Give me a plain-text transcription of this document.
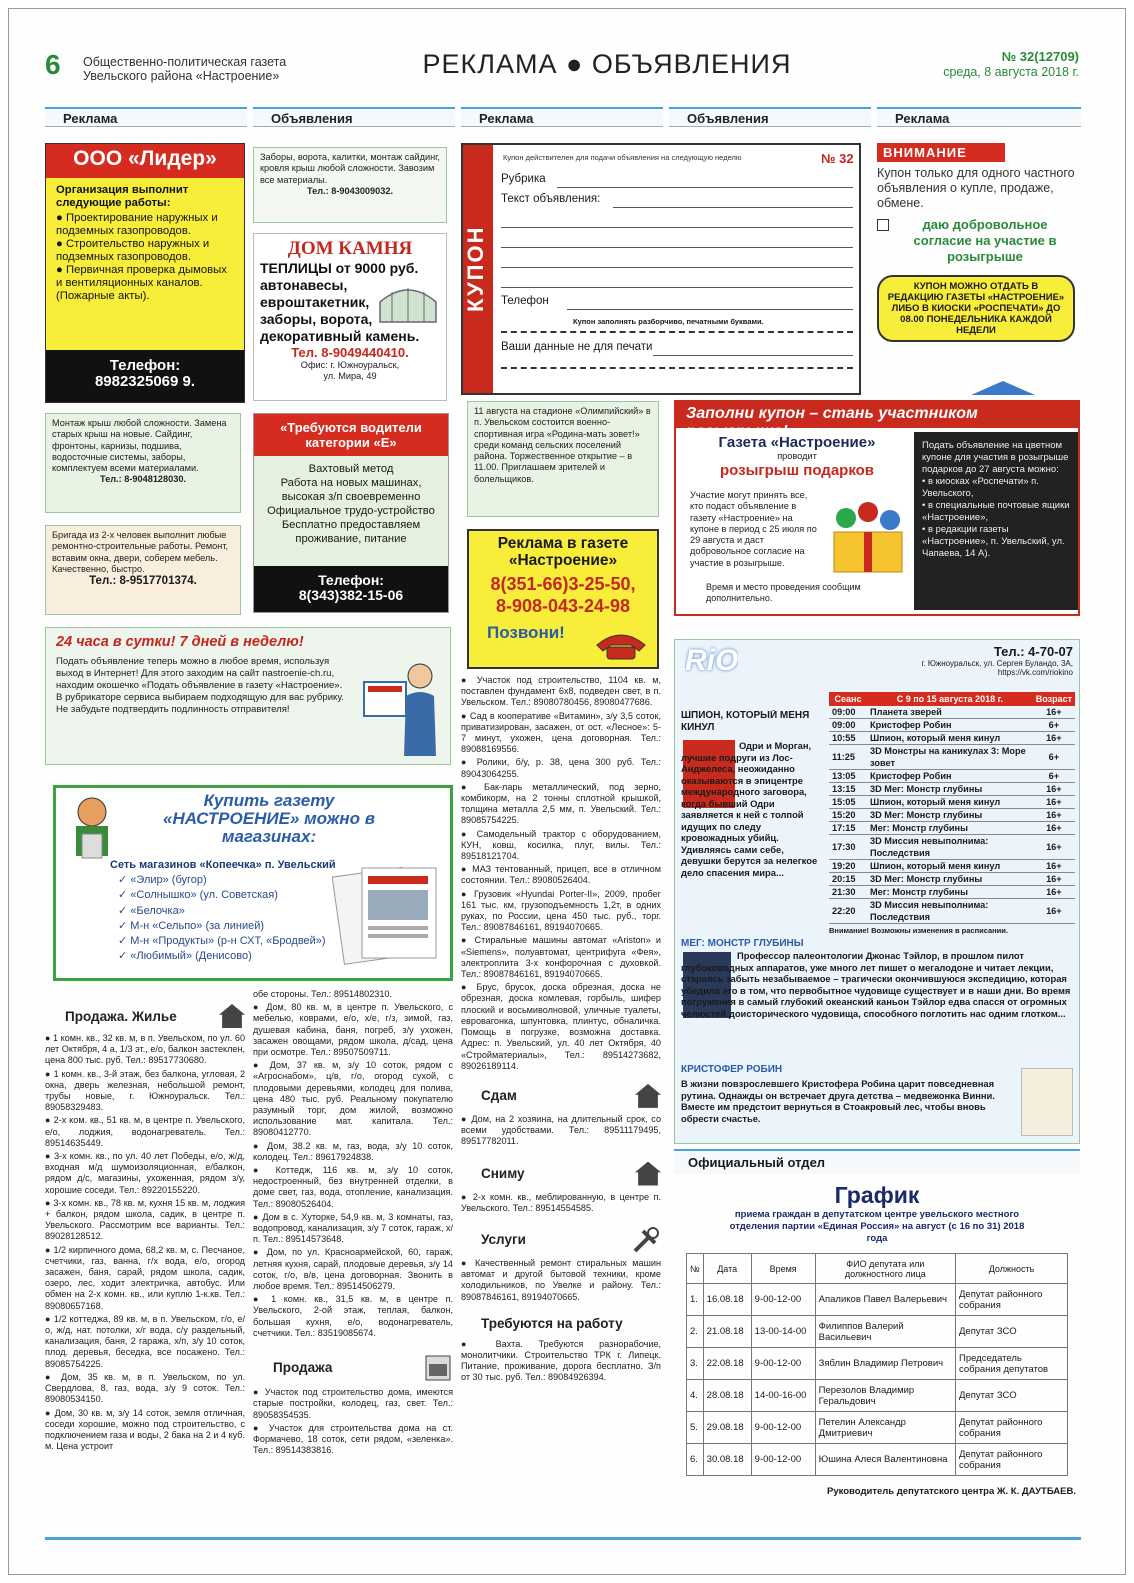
6 Общественно-политическая газета Увельского района «Настроение»	РЕКЛАМА ● ОБЪЯВЛЕНИЯ	№ 32(12709)
среда, 8 августа 2018 г.
Реклама	Объявления	Реклама	Объявления	Реклама
ООО «Лидер»
Организация выполнит следующие работы:
● Проектирование наружных и подземных газопроводов.
● Строительство наружных и подземных газопроводов.
● Первичная проверка дымовых и вентиляционных каналов. (Пожарные акты).
Телефон:
8982325069 9.
Заборы, ворота, калитки, монтаж сайдинг, кровля крыш любой сложности. Завозим все материалы.
Тел.: 8-9043009032.
ДОМ КАМНЯ
ТЕПЛИЦЫ от 9000 руб.
автонавесы,
евроштакетник,
заборы, ворота,
декоративный камень.
Тел. 8-9049440410.
Офис: г. Южноуральск,
ул. Мира, 49
Монтаж крыш любой сложности. Замена старых крыш на новые. Сайдинг, фронтоны, карнизы, подшива, водосточные системы, заборы, комплектуем всеми материалами.
Тел.: 8-9048128030.
«Требуются водители категории «Е»
Вахтовый метод
Работа на новых машинах, высокая з/п своевременно
Официальное трудо-устройство
Бесплатно предоставляем проживание, питание
Телефон:
8(343)382-15-06
Бригада из 2-х человек выполнит любые ремонтно-строительные работы. Ремонт, вставим окна, двери, соберем мебель. Качественно, быстро.
Тел.: 8-9517701374.
24 часа в сутки! 7 дней в неделю!
Подать объявление теперь можно в любое время, используя выход в Интернет! Для этого заходим на сайт nastroenie-ch.ru, находим окошечко «Подать объявление в газету «Настроение». В рубрикаторе сервиса выбираем подходящую для вас рубрику. Не забудьте подтвердить подлинность отправителя!
Купить газету «НАСТРОЕНИЕ» можно в магазинах:
Сеть магазинов «Копеечка» п. Увельский
✓ «Элир» (бугор)
✓ «Солнышко» (ул. Советская)
✓ «Белочка»
✓ М-н «Сельпо» (за линией)
✓ М-н «Продукты» (р-н СХТ, «Бродвей»)
✓ «Любимый» (Денисово)
КУПОН
Купон действителен для подачи объявления на следующую неделю	№ 32
Рубрика
Текст объявления:
Телефон
Купон заполнять разборчиво, печатными буквами.
Ваши данные не для печати
ВНИМАНИЕ
Купон только для одного частного объявления о купле, продаже, обмене.
даю добровольное согласие на участие в розыгрыше
КУПОН МОЖНО ОТДАТЬ В РЕДАКЦИЮ ГАЗЕТЫ «НАСТРОЕНИЕ» ЛИБО В КИОСКИ «РОСПЕЧАТИ» ДО 08.00 ПОНЕДЕЛЬНИКА КАЖДОЙ НЕДЕЛИ
11 августа на стадионе «Олимпийский» в п. Увельском состоится военно-спортивная игра «Родина-мать зовет!» среди команд сельских поселений района. Торжественное открытие – в 11.00. Приглашаем зрителей и болельщиков.
Реклама в газете «Настроение»
8(351-66)3-25-50,
8-908-043-24-98
Позвони!
Заполни купон – стань участником розыгрыша!
Газета «Настроение»
проводит
розыгрыш подарков
Участие могут принять все, кто подаст объявление в газету «Настроение» на купоне в период с 25 июля по 29 августа и даст добровольное согласие на участие в розыгрыше.
Время и место проведения сообщим дополнительно.
Подать объявление на цветном купоне для участия в розыгрыше подарков до 27 августа можно:
• в киосках «Роспечати» п. Увельского,
• в специальные почтовые ящики «Настроение»,
• в редакции газеты «Настроение», п. Увельский, ул. Чапаева, 14 А).
RiO	Тел.: 4-70-07
г. Южноуральск, ул. Сергея Буландо, 3А,
https://vk.com/riokino
ШПИОН, КОТОРЫЙ МЕНЯ КИНУЛ
Одри и Морган, лучшие подруги из Лос-Анджелеса, неожиданно оказываются в эпицентре международного заговора, когда бывший Одри заявляется к ней с толпой идущих по следу кровожадных убийц. Удивляясь сами себе, девушки берутся за нелегкое дело спасения мира...
Сеанс	С 9 по 15 августа 2018 г.	Возраст
09:00	Планета зверей	16+
09:00	Кристофер Робин	6+
10:55	Шпион, который меня кинул	16+
11:25	3D Монстры на каникулах 3: Море зовет	6+
13:05	Кристофер Робин	6+
13:15	3D Мег: Монстр глубины	16+
15:05	Шпион, который меня кинул	16+
15:20	3D Мег: Монстр глубины	16+
17:15	Мег: Монстр глубины	16+
17:30	3D Миссия невыполнима: Последствия	16+
19:20	Шпион, который меня кинул	16+
20:15	3D Мег: Монстр глубины	16+
21:30	Мег: Монстр глубины	16+
22:20	3D Миссия невыполнима: Последствия	16+
Внимание! Возможны изменения в расписании.
МЕГ: МОНСТР ГЛУБИНЫ
Профессор палеонтологии Джонас Тэйлор, в прошлом пилот глубоководных аппаратов, уже много лет пишет о мегалодоне и читает лекции, стараясь забыть незабываемое – трагически окончившуюся экспедицию, которая убедила его в том, что первобытное чудовище существует и в наши дни. Во время погружения в самый глубокий океанский каньон Тэйлор едва спасся от огромных челюстей доисторического чудовища, способного поглотить нас одним глотком...
КРИСТОФЕР РОБИН
В жизни повзрослевшего Кристофера Робина царит повседневная рутина. Однажды он встречает друга детства – медвежонка Винни. Вместе им предстоит вернуться в Стоакровый лес, чтобы вновь обрести счастье.
Официальный отдел
График
приема граждан в депутатском центре увельского местного отделения партии «Единая Россия» на август (с 16 по 31) 2018 года
№	Дата	Время	ФИО депутата или должностного лица	Должность
1.	16.08.18	9-00-12-00	Апаликов Павел Валерьевич	Депутат районного собрания
2.	21.08.18	13-00-14-00	Филиппов Валерий Васильевич	Депутат ЗСО
3.	22.08.18	9-00-12-00	Зяблин Владимир Петрович	Председатель собрания депутатов
4.	28.08.18	14-00-16-00	Перезолов Владимир Геральдович	Депутат ЗСО
5.	29.08.18	9-00-12-00	Петелин Александр Дмитриевич	Депутат районного собрания
6.	30.08.18	9-00-12-00	Юшина Алеся Валентиновна	Депутат районного собрания
Руководитель депутатского центра Ж. К. ДАУТБАЕВ.
Продажа. Жилье
● 1 комн. кв., 32 кв. м, в п. Увельском, по ул. 60 лет Октября, 4 а, 1/3 эт., е/о, балкон застеклен, цена 800 тыс. руб. Тел.: 89517730680.
● 1 комн. кв., 3-й этаж, без балкона, угловая, 2 окна, дверь железная, небольшой ремонт, трубы новые, г. Южноуральск. Тел.: 89058329483.
● 2-х ком. кв., 51 кв. м, в центре п. Увельского, е/о, лоджия, водонагреватель. Тел.: 89514635449.
● 3-х комн. кв., по ул. 40 лет Победы, е/о, ж/д, входная м/д шумоизоляционная, е/балкон, рядом д/с, магазины, ухоженная, рядом з/у, хорошие соседи. Тел.: 89220155220.
● 3-х комн. кв., 78 кв. м, кухня 15 кв. м, лоджия + балкон, рядом школа, садик, в центре п. Увельского. Рассмотрим все варианты. Тел.: 89028128512.
● 1/2 кирпичного дома, 68,2 кв. м, с. Песчаное, счетчики, газ, ванна, г/х вода, е/о, огород засажен, баня, сарай, рядом школа, садик, озеро, лес, ходит электричка, автобус. Или обмен на 2-х комн. кв., или куплю 1-к.кв. Тел.: 89080657168.
● 1/2 коттеджа, 89 кв. м, в п. Увельском, г/о, е/о, ж/д, нат. потолки, х/г вода, с/у раздельный, канализация, баня, 2 гаража, х/п, з/у 10 соток, плод. деревья, беседка, все посажено. Тел.: 89085754225.
● Дом, 35 кв. м, в п. Увельском, по ул. Свердлова, 8, газ, вода, з/у 9 соток. Тел.: 89080534150.
● Дом, 30 кв. м, з/у 14 соток, земля отличная, соседи хорошие, можно под строительство, с подключением газа и воды, 2 бака на 2 и 4 куб. м. Цена устроит
обе стороны. Тел.: 89514802310.
● Дом, 80 кв. м, в центре п. Увельского, с мебелью, коврами, е/о, х/е, г/з, зимой, газ, душевая кабина, баня, погреб, з/у ухожен, засажен овощами, рядом школа, д/сад, цена при осмотре. Тел.: 89507509711.
● Дом, 37 кв. м, з/у 10 соток, рядом с «Агроснабом», ц/в, г/о, огород сухой, с плодовыми деревьями, колодец для полива, цена 480 тыс. руб. Реальному покупателю разумный торг, дом жилой, возможно использование мат. капитала. Тел.: 89080412770.
● Дом, 38.2 кв. м, газ, вода, з/у 10 соток, колодец. Тел.: 89617924838.
● Коттедж, 116 кв. м, з/у 10 соток, недостроенный, без внутренней отделки, в доме свет, газ, вода, отопление, канализация. Тел.: 89080526404.
● Дом в с. Хуторке, 54,9 кв. м, 3 комнаты, газ, водопровод, канализация, з/у 7 соток, гараж, х/п. Тел.: 89514573648.
● Дом, по ул. Красноармейской, 60, гараж, летняя кухня, сарай, плодовые деревья, з/у 14 соток, г/о, в/в, цена договорная. Звонить в любое время. Тел.: 89514506279.
● 1 комн. кв., 31,5 кв. м, в центре п. Увельского, 2-ой этаж, теплая, балкон, большая кухня, е/о, водонагреватель, счетчики. Тел.: 83519085674.
Продажа
● Участок под строительство дома, имеются старые постройки, колодец, газ, свет. Тел.: 89058354535.
● Участок для строительства дома на ст. Формачево, 18 соток, сети рядом, «зеленка». Тел.: 89514383816.
● Участок под строительство, 1104 кв. м, поставлен фундамент 6х8, подведен свет, в п. Увельском. Тел.: 89080780456, 89080477686.
● Сад в кооперативе «Витамин», з/у 3,5 соток, приватизирован, засажен, от ост. «Лесное»: 5-7 минут, ухожен, цена договорная. Тел.: 89088169556.
● Ролики, б/у, р. 38, цена 300 руб. Тел.: 89043064255.
● Бак-ларь металлический, под зерно, комбикорм, на 2 тонны сплотной крышкой, толщина металла 2,5 мм, п. Увельский. Тел.: 89085754225.
● Самодельный трактор с оборудованием, КУН, ковш, косилка, плуг, вилы. Тел.: 89518121704.
● МАЗ тентованный, прицеп, все в отличном состоянии. Тел.: 89080526404.
● Грузовик «Hyundai Porter-II», 2009, пробег 161 тыс. км, грузоподъемность 1,2т, в одних руках, по России, цена 450 тыс. руб., торг. Тел.: 89087846161, 89194070665.
● Стиральные машины автомат «Ariston» и «Siemens», полуавтомат, центрифуга «Фея», электроплита 3-х конфорочная с духовкой. Тел.: 89087846161, 89194070665.
● Брус, брусок, доска обрезная, доска не обрезная, доска комлевая, горбыль, шифер плоский и восьмиволновой, уличные туалеты, евровагонка, шпунтовка, плинтус, обналичка. Помощь в погрузке, возможна доставка. Адрес: п. Увельский, ул. 40 лет Октября, 40 «Стройматериалы», Тел.: 89514273682, 89026189114.
Сдам
● Дом, на 2 хозяина, на длительный срок, со всеми удобствами. Тел.: 89511179495, 89517782011.
Сниму
● 2-х комн. кв., меблированную, в центре п. Увельского. Тел.: 89514554585.
Услуги
● Качественный ремонт стиральных машин автомат и другой бытовой техники, кроме холодильников, по Увелке и району. Тел.: 89087846161, 89194070665.
Требуются на работу
● Вахта. Требуются разнорабочие, монолитчики. Строительство ТРК г. Липецк. Питание, проживание, дорога бесплатно. З/п от 30 тыс. руб. Тел.: 89084926394.
